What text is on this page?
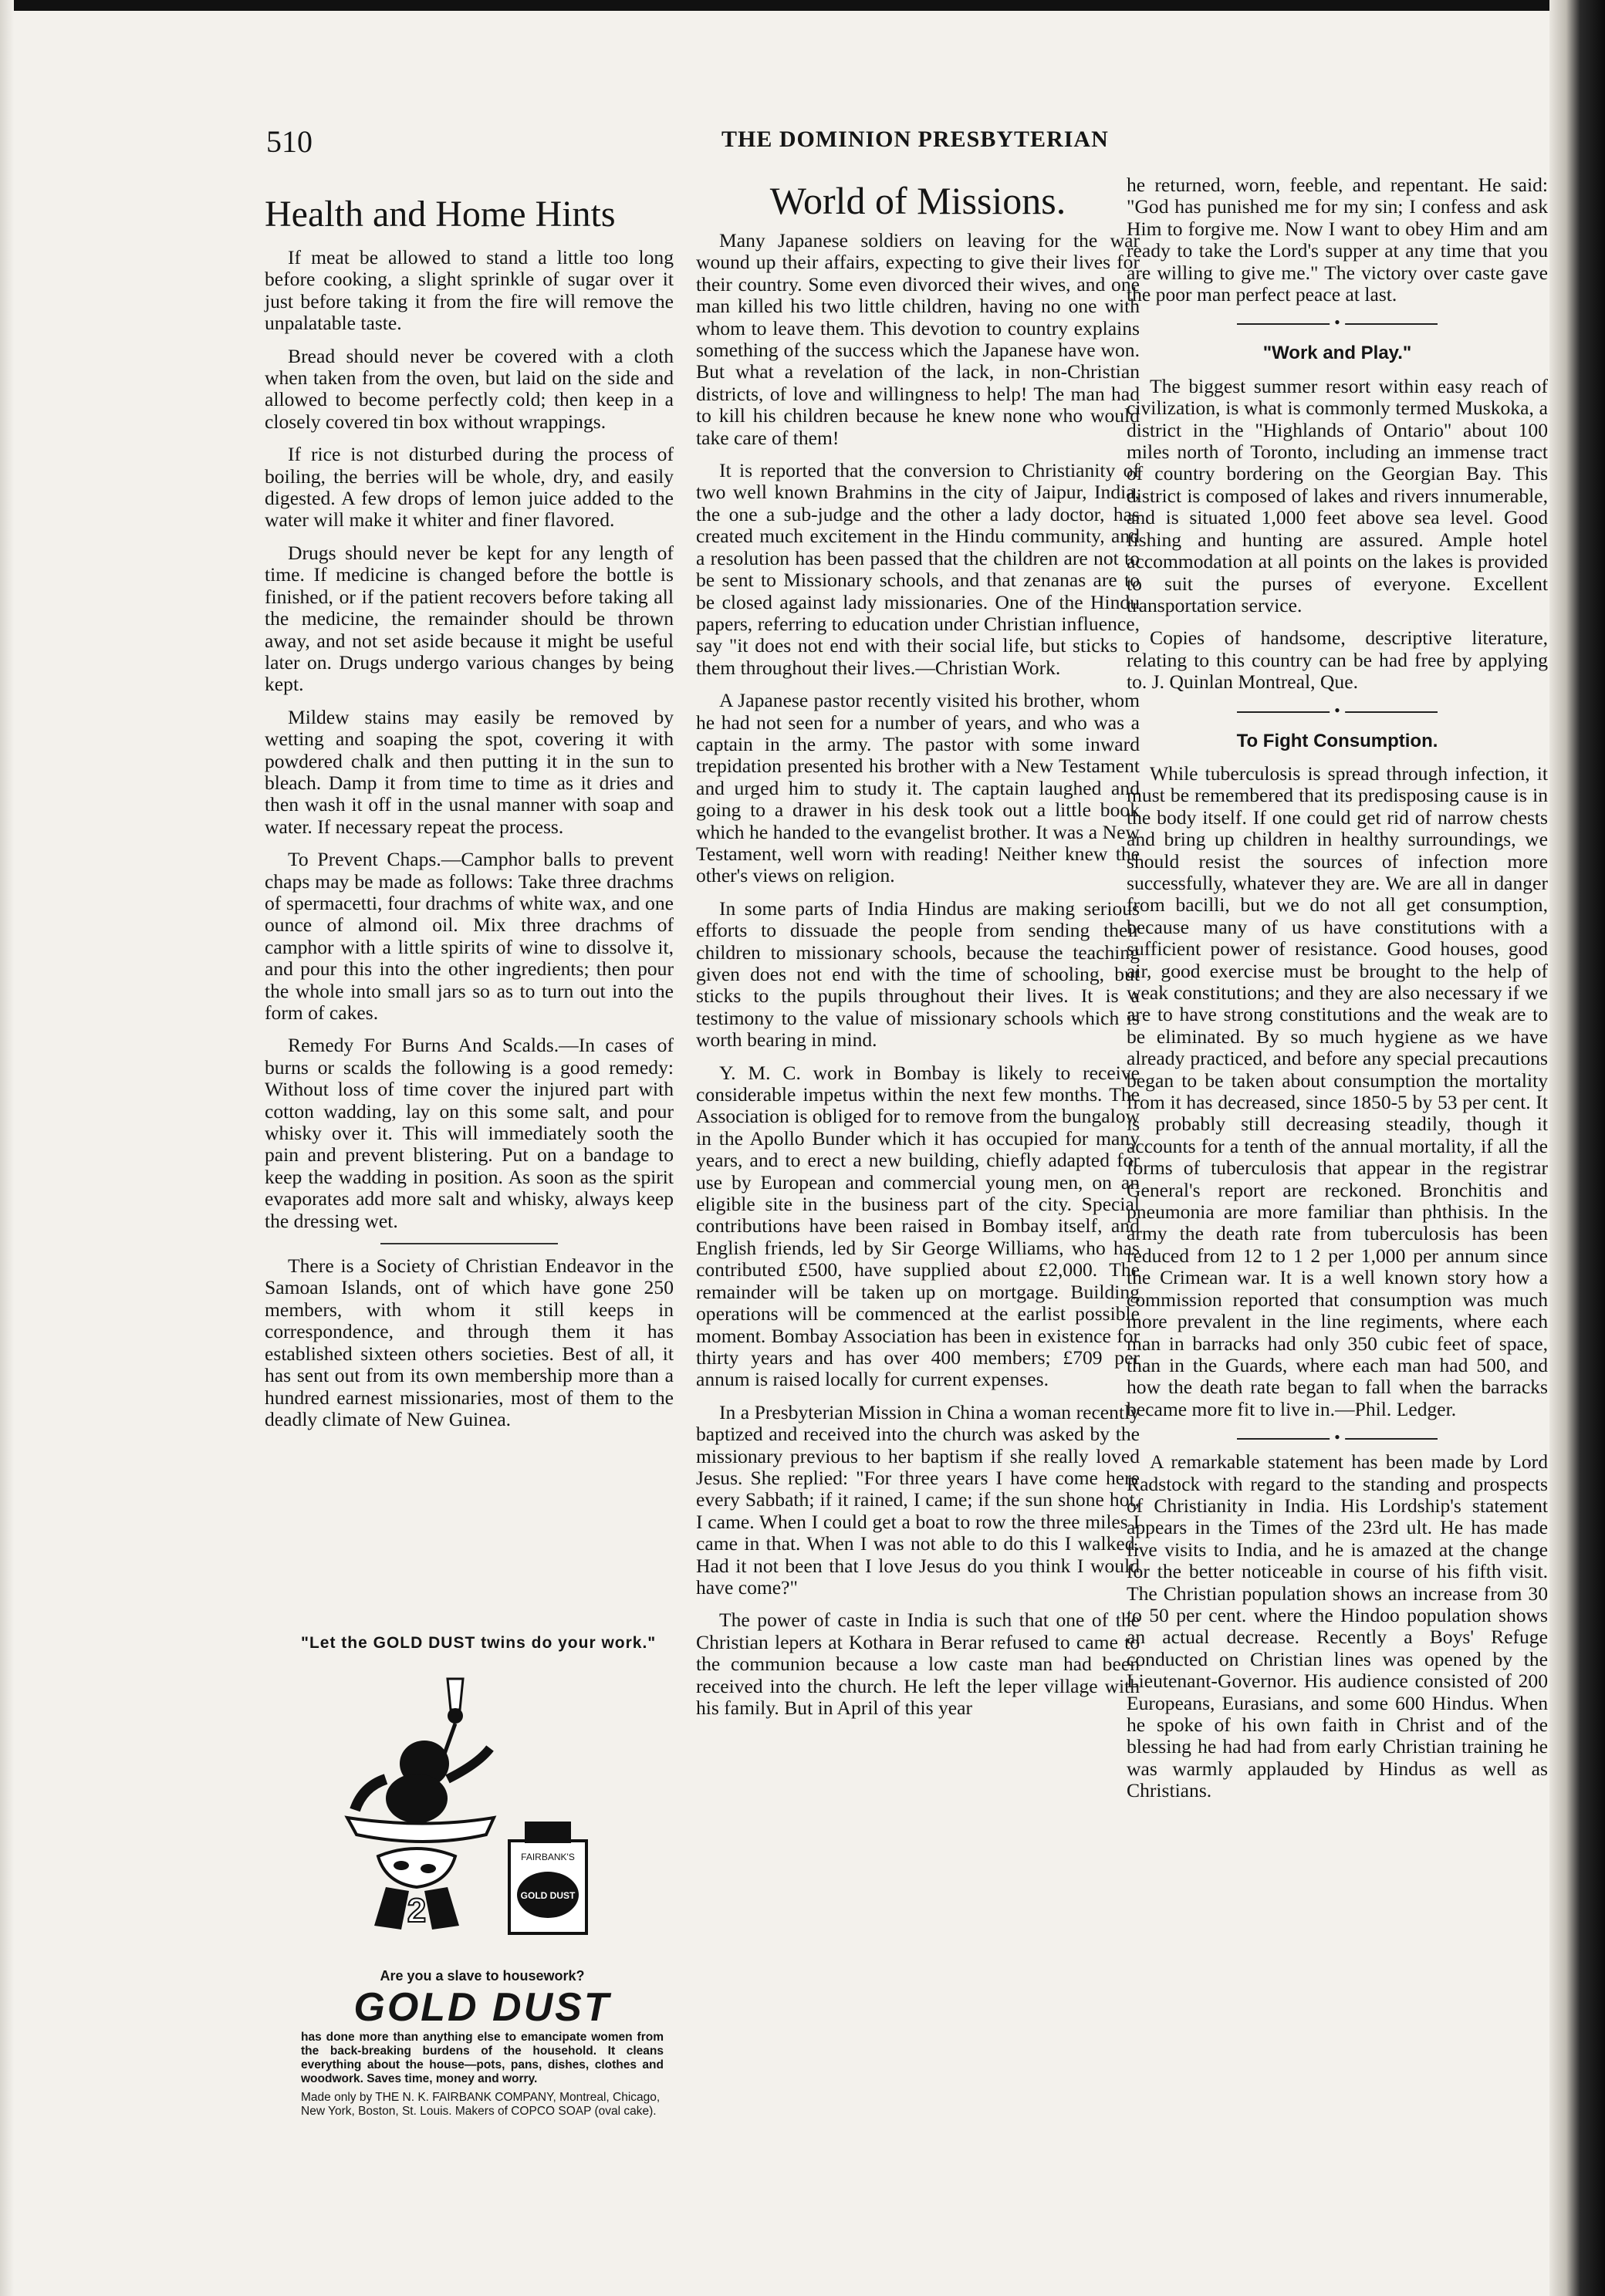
510	THE DOMINION PRESBYTERIAN
Health and Home Hints

If meat be allowed to stand a little too long before cooking, a slight sprinkle of sugar over it just before taking it from the fire will remove the unpalatable taste.

Bread should never be covered with a cloth when taken from the oven, but laid on the side and allowed to become perfectly cold; then keep in a closely covered tin box without wrappings.

If rice is not disturbed during the process of boiling, the berries will be whole, dry, and easily digested. A few drops of lemon juice added to the water will make it whiter and finer flavored.

Drugs should never be kept for any length of time. If medicine is changed before the bottle is finished, or if the patient recovers before taking all the medicine, the remainder should be thrown away, and not set aside because it might be useful later on. Drugs undergo various changes by being kept.

Mildew stains may easily be removed by wetting and soaping the spot, covering it with powdered chalk and then putting it in the sun to bleach. Damp it from time to time as it dries and then wash it off in the usnal manner with soap and water. If necessary repeat the process.

To Prevent Chaps.—Camphor balls to prevent chaps may be made as follows: Take three drachms of spermacetti, four drachms of white wax, and one ounce of almond oil. Mix three drachms of camphor with a little spirits of wine to dissolve it, and pour this into the other ingredients; then pour the whole into small jars so as to turn out into the form of cakes.

Remedy For Burns And Scalds.—In cases of burns or scalds the following is a good remedy: Without loss of time cover the injured part with cotton wadding, lay on this some salt, and pour whisky over it. This will immediately sooth the pain and prevent blistering. Put on a bandage to keep the wadding in position. As soon as the spirit evaporates add more salt and whisky, always keep the dressing wet.

There is a Society of Christian Endeavor in the Samoan Islands, ont of which have gone 250 members, with whom it still keeps in correspondence, and through them it has established sixteen others societies. Best of all, it has sent out from its own membership more than a hundred earnest missionaries, most of them to the deadly climate of New Guinea.

"Let the GOLD DUST twins do your work."
2
FAIRBANK'S
GOLD DUST
Are you a slave to housework?
GOLD DUST

has done more than anything else to emancipate women from the back-breaking burdens of the household. It cleans everything about the house—pots, pans, dishes, clothes and woodwork. Saves time, money and worry.

Made only by THE N. K. FAIRBANK COMPANY, Montreal, Chicago, New York, Boston, St. Louis. Makers of COPCO SOAP (oval cake).

World of Missions.

Many Japanese soldiers on leaving for the war wound up their affairs, expecting to give their lives for their country. Some even divorced their wives, and one man killed his two little children, having no one with whom to leave them. This devotion to country explains something of the success which the Japanese have won. But what a revelation of the lack, in non-Christian districts, of love and willingness to help! The man had to kill his children because he knew none who would take care of them!

It is reported that the conversion to Christianity of two well known Brahmins in the city of Jaipur, India, the one a sub-judge and the other a lady doctor, has created much excitement in the Hindu community, and a resolution has been passed that the children are not to be sent to Missionary schools, and that zenanas are to be closed against lady missionaries. One of the Hindu papers, referring to education under Christian influence, say "it does not end with their social life, but sticks to them throughout their lives.—Christian Work.

A Japanese pastor recently visited his brother, whom he had not seen for a number of years, and who was a captain in the army. The pastor with some inward trepidation presented his brother with a New Testament and urged him to study it. The captain laughed and going to a drawer in his desk took out a little book which he handed to the evangelist brother. It was a New Testament, well worn with reading! Neither knew the other's views on religion.

In some parts of India Hindus are making serious efforts to dissuade the people from sending their children to missionary schools, because the teaching given does not end with the time of schooling, but sticks to the pupils throughout their lives. It is a testimony to the value of missionary schools which is worth bearing in mind.

Y. M. C. work in Bombay is likely to receive considerable impetus within the next few months. The Association is obliged for to remove from the bungalow in the Apollo Bunder which it has occupied for many years, and to erect a new building, chiefly adapted for use by European and commercial young men, on an eligible site in the business part of the city. Special contributions have been raised in Bombay itself, and English friends, led by Sir George Williams, who has contributed £500, have supplied about £2,000. The remainder will be taken up on mortgage. Building operations will be commenced at the earlist possible moment. Bombay Association has been in existence for thirty years and has over 400 members; £709 per annum is raised locally for current expenses.

In a Presbyterian Mission in China a woman recently baptized and received into the church was asked by the missionary previous to her baptism if she really loved Jesus. She replied: "For three years I have come here every Sabbath; if it rained, I came; if the sun shone hot, I came. When I could get a boat to row the three miles I came in that. When I was not able to do this I walked. Had it not been that I love Jesus do you think I would have come?"

The power of caste in India is such that one of the Christian lepers at Kothara in Berar refused to came to the communion because a low caste man had been received into the church. He left the leper village with his family. But in April of this year

he returned, worn, feeble, and repentant. He said: "God has punished me for my sin; I confess and ask Him to forgive me. Now I want to obey Him and am ready to take the Lord's supper at any time that you are willing to give me." The victory over caste gave the poor man perfect peace at last.

•
"Work and Play."

The biggest summer resort within easy reach of civilization, is what is commonly termed Muskoka, a district in the "Highlands of Ontario" about 100 miles north of Toronto, including an immense tract of country bordering on the Georgian Bay. This district is composed of lakes and rivers innumerable, and is situated 1,000 feet above sea level. Good fishing and hunting are assured. Ample hotel accommodation at all points on the lakes is provided to suit the purses of everyone. Excellent transportation service.

Copies of handsome, descriptive literature, relating to this country can be had free by applying to. J. Quinlan Montreal, Que.

•
To Fight Consumption.

While tuberculosis is spread through infection, it must be remembered that its predisposing cause is in the body itself. If one could get rid of narrow chests and bring up children in healthy surroundings, we should resist the sources of infection more successfully, whatever they are. We are all in danger from bacilli, but we do not all get consumption, because many of us have constitutions with a sufficient power of resistance. Good houses, good air, good exercise must be brought to the help of weak constitutions; and they are also necessary if we are to have strong constitutions and the weak are to be eliminated. By so much hygiene as we have already practiced, and before any special precautions began to be taken about consumption the mortality from it has decreased, since 1850-5 by 53 per cent. It is probably still decreasing steadily, though it accounts for a tenth of the annual mortality, if all the forms of tuberculosis that appear in the registrar General's report are reckoned. Bronchitis and pneumonia are more familiar than phthisis. In the army the death rate from tuberculosis has been reduced from 12 to 1 2 per 1,000 per annum since the Crimean war. It is a well known story how a commission reported that consumption was much more prevalent in the line regiments, where each man in barracks had only 350 cubic feet of space, than in the Guards, where each man had 500, and how the death rate began to fall when the barracks became more fit to live in.—Phil. Ledger.

•

A remarkable statement has been made by Lord Radstock with regard to the standing and prospects of Christianity in India. His Lordship's statement appears in the Times of the 23rd ult. He has made five visits to India, and he is amazed at the change for the better noticeable in course of his fifth visit. The Christian population shows an increase from 30 to 50 per cent. where the Hindoo population shows an actual decrease. Recently a Boys' Refuge conducted on Christian lines was opened by the Lieutenant-Governor. His audience consisted of 200 Europeans, Eurasians, and some 600 Hindus. When he spoke of his own faith in Christ and of the blessing he had had from early Christian training he was warmly applauded by Hindus as well as Christians.
